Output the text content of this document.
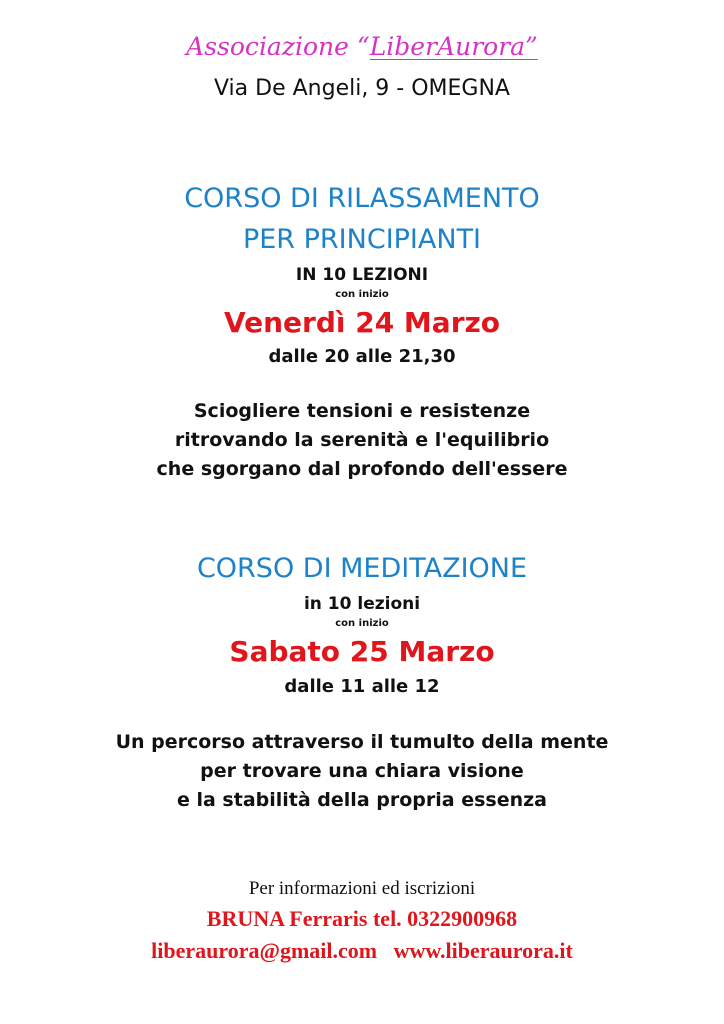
Associazione “LiberAurora”

Via De Angeli, 9 - OMEGNA

CORSO DI RILASSAMENTO

PER PRINCIPIANTI

IN 10 LEZIONI

con inizio

Venerdì 24 Marzo

dalle 20 alle 21,30

Sciogliere tensioni e resistenze

ritrovando la serenità e l'equilibrio

che sgorgano dal profondo dell'essere

CORSO DI MEDITAZIONE

in 10 lezioni

con inizio

Sabato 25 Marzo

dalle 11 alle 12

Un percorso attraverso il tumulto della mente

per trovare una chiara visione

e la stabilità della propria essenza

Per informazioni ed iscrizioni

BRUNA Ferraris tel. 0322900968

liberaurora@gmail.com www.liberaurora.it
